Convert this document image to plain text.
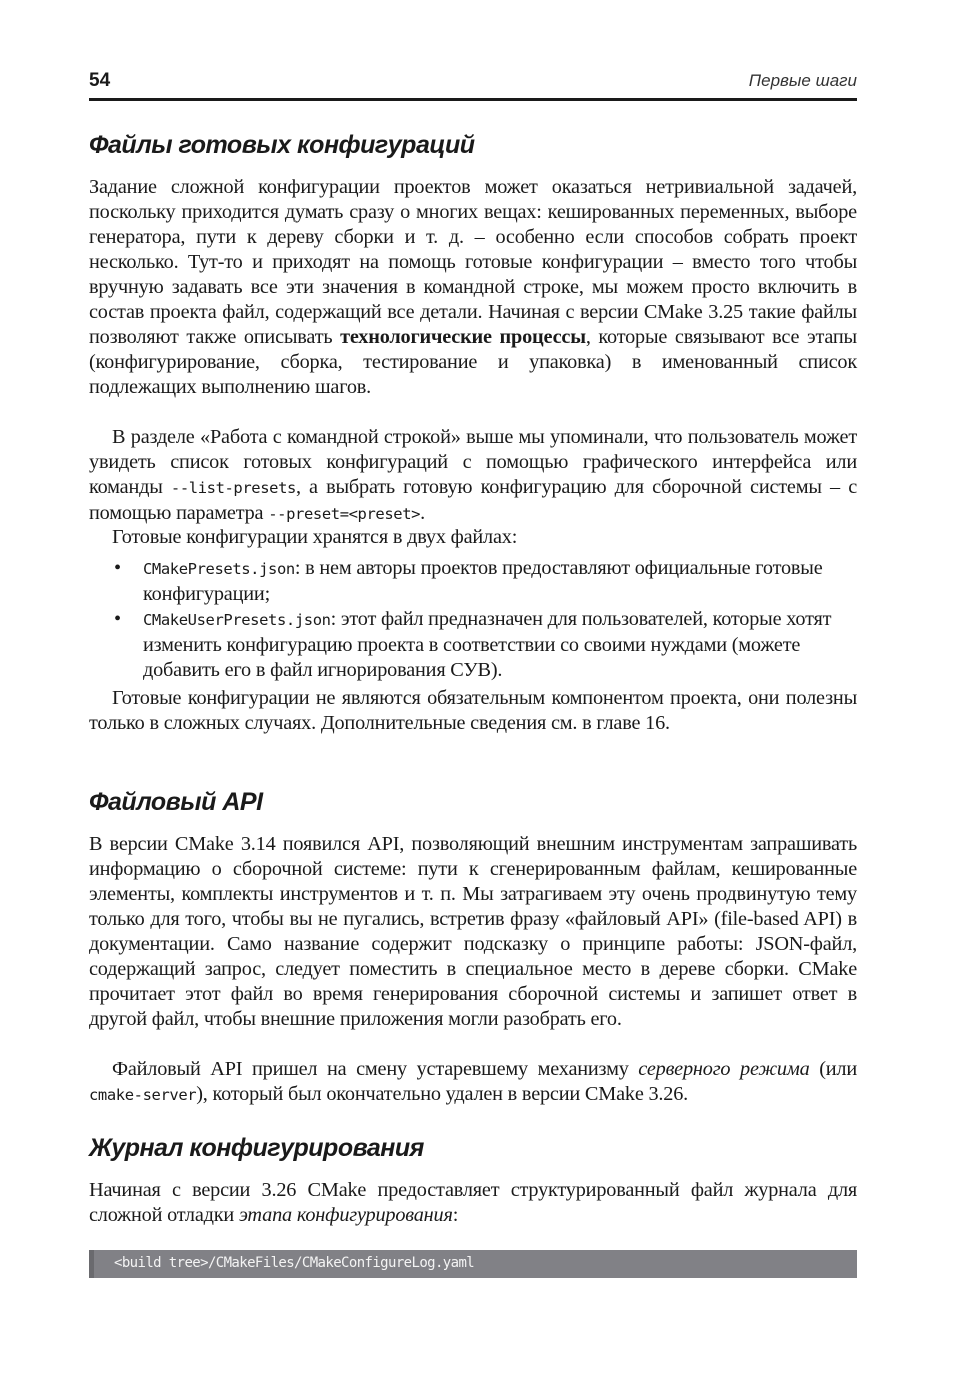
54	Первые шаги
Файлы готовых конфигураций

Задание сложной конфигурации проектов может оказаться нетривиальной задачей, поскольку приходится думать сразу о многих вещах: кешированных переменных, выборе генератора, пути к дереву сборки и т. д. – особенно если способов собрать проект несколько. Тут-то и приходят на помощь готовые конфигурации – вместо того чтобы вручную задавать все эти значения в командной строке, мы можем просто включить в состав проекта файл, содержащий все детали. Начиная с версии CMake 3.25 такие файлы позволяют также описывать технологические процессы, которые связывают все этапы (конфигурирование, сборка, тестирование и упаковка) в именованный список подлежащих выполнению шагов.

В разделе «Работа с командной строкой» выше мы упоминали, что пользователь может увидеть список готовых конфигураций с помощью графического интерфейса или команды --list-presets, а выбрать готовую конфигурацию для сборочной системы – с помощью параметра --preset=<preset>.

Готовые конфигурации хранятся в двух файлах:

• CMakePresets.json: в нем авторы проектов предоставляют официальные готовые конфигурации;
• CMakeUserPresets.json: этот файл предназначен для пользователей, которые хотят изменить конфигурацию проекта в соответствии со своими нуждами (можете добавить его в файл игнорирования СУВ).

Готовые конфигурации не являются обязательным компонентом проекта, они полезны только в сложных случаях. Дополнительные сведения см. в главе 16.

Файловый API

В версии CMake 3.14 появился API, позволяющий внешним инструментам запрашивать информацию о сборочной системе: пути к сгенерированным файлам, кешированные элементы, комплекты инструментов и т. п. Мы затрагиваем эту очень продвинутую тему только для того, чтобы вы не пугались, встретив фразу «файловый API» (file-based API) в документации. Само название содержит подсказку о принципе работы: JSON-файл, содержащий запрос, следует поместить в специальное место в дереве сборки. CMake прочитает этот файл во время генерирования сборочной системы и запишет ответ в другой файл, чтобы внешние приложения могли разобрать его.

Файловый API пришел на смену устаревшему механизму серверного режима (или cmake-server), который был окончательно удален в версии CMake 3.26.

Журнал конфигурирования

Начиная с версии 3.26 CMake предоставляет структурированный файл журнала для сложной отладки этапа конфигурирования:

<build tree>/CMakeFiles/CMakeConfigureLog.yaml
